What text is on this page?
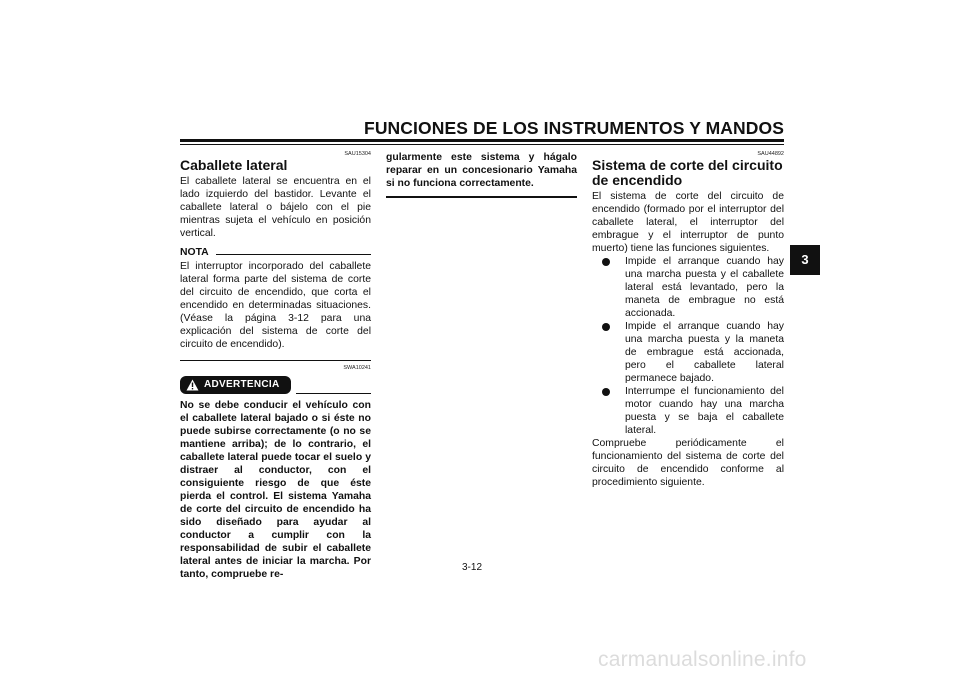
FUNCIONES DE LOS INSTRUMENTOS Y MANDOS
3
SAU15304
Caballete lateral

El caballete lateral se encuentra en el lado izquierdo del bastidor. Levante el caballete lateral o bájelo con el pie mientras sujeta el vehículo en posición vertical.

NOTA

El interruptor incorporado del caballete lateral forma parte del sistema de corte del circuito de encendido, que corta el encendido en determinadas situaciones. (Véase la página 3-12 para una explicación del sistema de corte del circuito de encendido).

SWA10241
ADVERTENCIA

No se debe conducir el vehículo con el caballete lateral bajado o si éste no puede subirse correctamente (o no se mantiene arriba); de lo contrario, el caballete lateral puede tocar el suelo y distraer al conductor, con el consiguiente riesgo de que éste pierda el control. El sistema Yamaha de corte del circuito de encendido ha sido diseñado para ayudar al conductor a cumplir con la responsabilidad de subir el caballete lateral antes de iniciar la marcha. Por tanto, compruebe re-

gularmente este sistema y hágalo reparar en un concesionario Yamaha si no funciona correctamente.

SAU44892
Sistema de corte del circuito de encendido

El sistema de corte del circuito de encendido (formado por el interruptor del caballete lateral, el interruptor del embrague y el interruptor de punto muerto) tiene las funciones siguientes.

Impide el arranque cuando hay una marcha puesta y el caballete lateral está levantado, pero la maneta de embrague no está accionada.
Impide el arranque cuando hay una marcha puesta y la maneta de embrague está accionada, pero el caballete lateral permanece bajado.
Interrumpe el funcionamiento del motor cuando hay una marcha puesta y se baja el caballete lateral.

Compruebe periódicamente el funcionamiento del sistema de corte del circuito de encendido conforme al procedimiento siguiente.

3-12
carmanualsonline.info
